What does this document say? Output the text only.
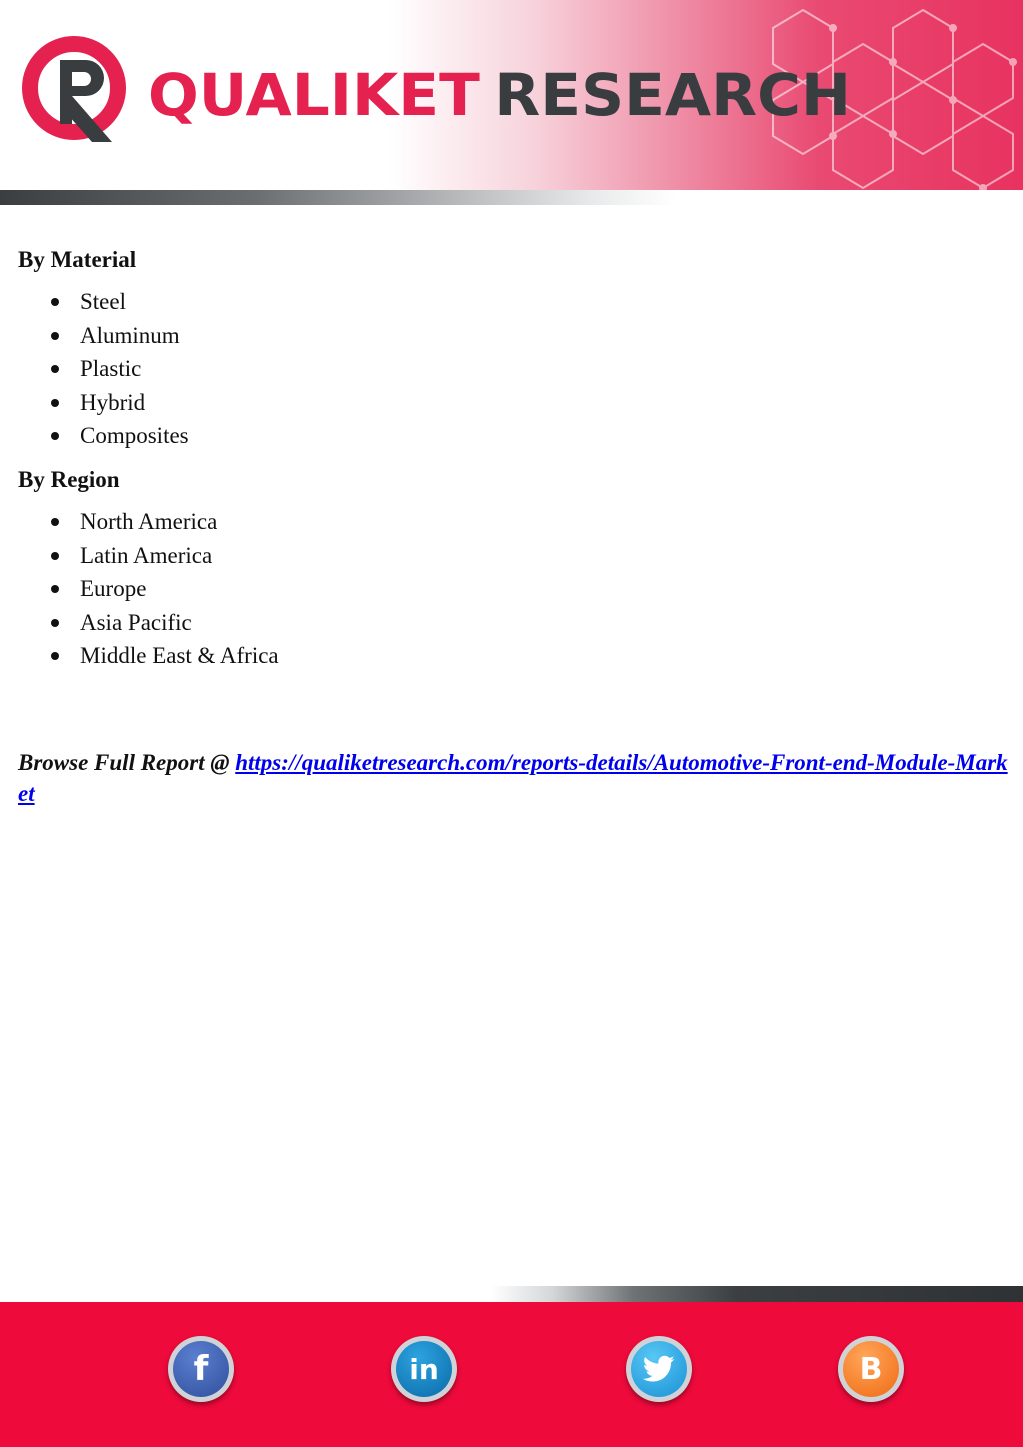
QUALIKET RESEARCH
By Material
Steel
Aluminum
Plastic
Hybrid
Composites
By Region
North America
Latin America
Europe
Asia Pacific
Middle East & Africa
Browse Full Report @ https://qualiketresearch.com/reports-details/Automotive-Front-end-Module-Market
f	in	B
